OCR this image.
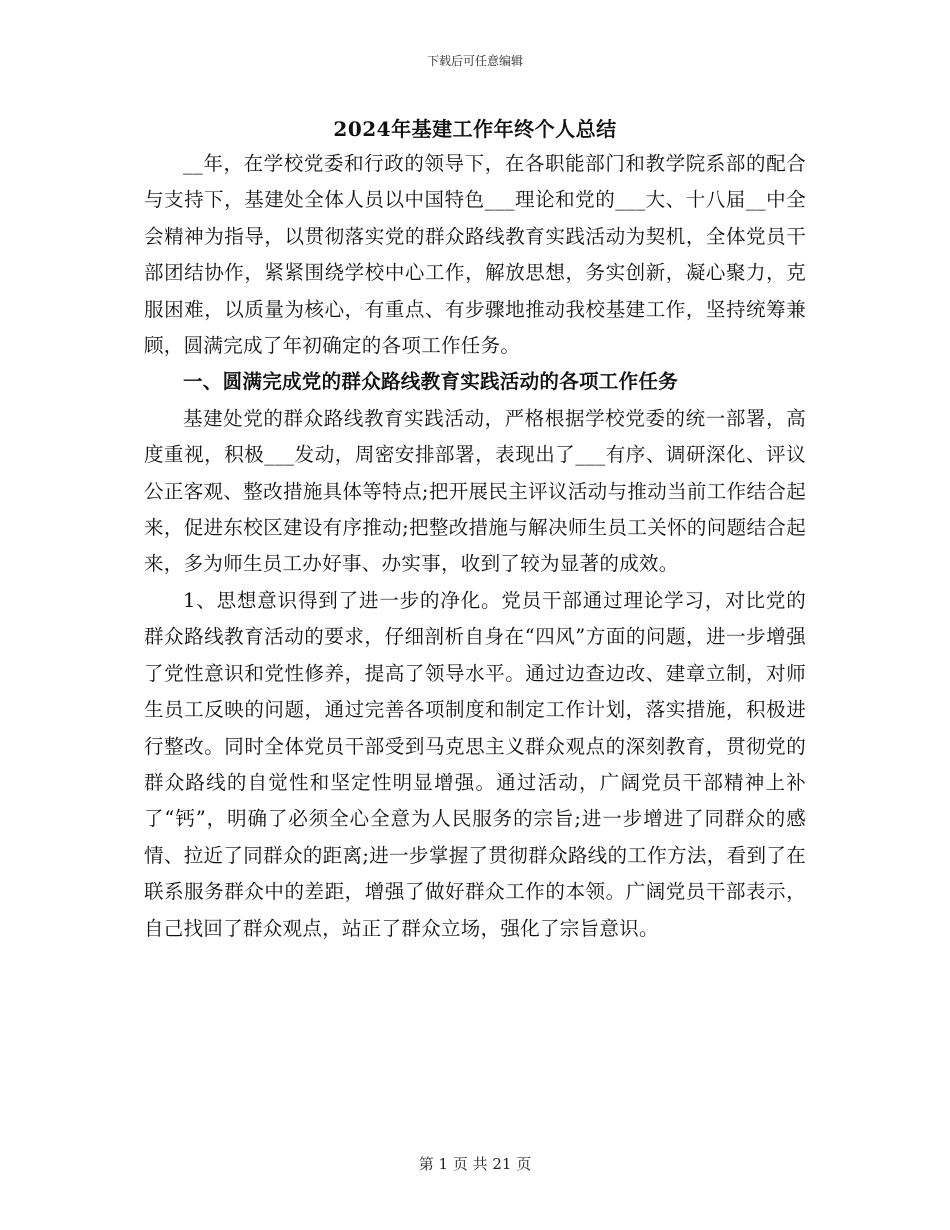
下载后可任意编辑
2024年基建工作年终个人总结

__年，在学校党委和行政的领导下，在各职能部门和教学院系部的配合与支持下，基建处全体人员以中国特色___理论和党的___大、十八届__中全会精神为指导，以贯彻落实党的群众路线教育实践活动为契机，全体党员干部团结协作，紧紧围绕学校中心工作，解放思想，务实创新，凝心聚力，克服困难，以质量为核心，有重点、有步骤地推动我校基建工作，坚持统筹兼顾，圆满完成了年初确定的各项工作任务。

一、圆满完成党的群众路线教育实践活动的各项工作任务

基建处党的群众路线教育实践活动，严格根据学校党委的统一部署，高度重视，积极___发动，周密安排部署，表现出了___有序、调研深化、评议公正客观、整改措施具体等特点;把开展民主评议活动与推动当前工作结合起来，促进东校区建设有序推动;把整改措施与解决师生员工关怀的问题结合起来，多为师生员工办好事、办实事，收到了较为显著的成效。

1、思想意识得到了进一步的净化。党员干部通过理论学习，对比党的群众路线教育活动的要求，仔细剖析自身在“四风”方面的问题，进一步增强了党性意识和党性修养，提高了领导水平。通过边查边改、建章立制，对师生员工反映的问题，通过完善各项制度和制定工作计划，落实措施，积极进行整改。同时全体党员干部受到马克思主义群众观点的深刻教育，贯彻党的群众路线的自觉性和坚定性明显增强。通过活动，广阔党员干部精神上补了“钙”，明确了必须全心全意为人民服务的宗旨;进一步增进了同群众的感情、拉近了同群众的距离;进一步掌握了贯彻群众路线的工作方法，看到了在联系服务群众中的差距，增强了做好群众工作的本领。广阔党员干部表示，自己找回了群众观点，站正了群众立场，强化了宗旨意识。

第 1 页 共 21 页
